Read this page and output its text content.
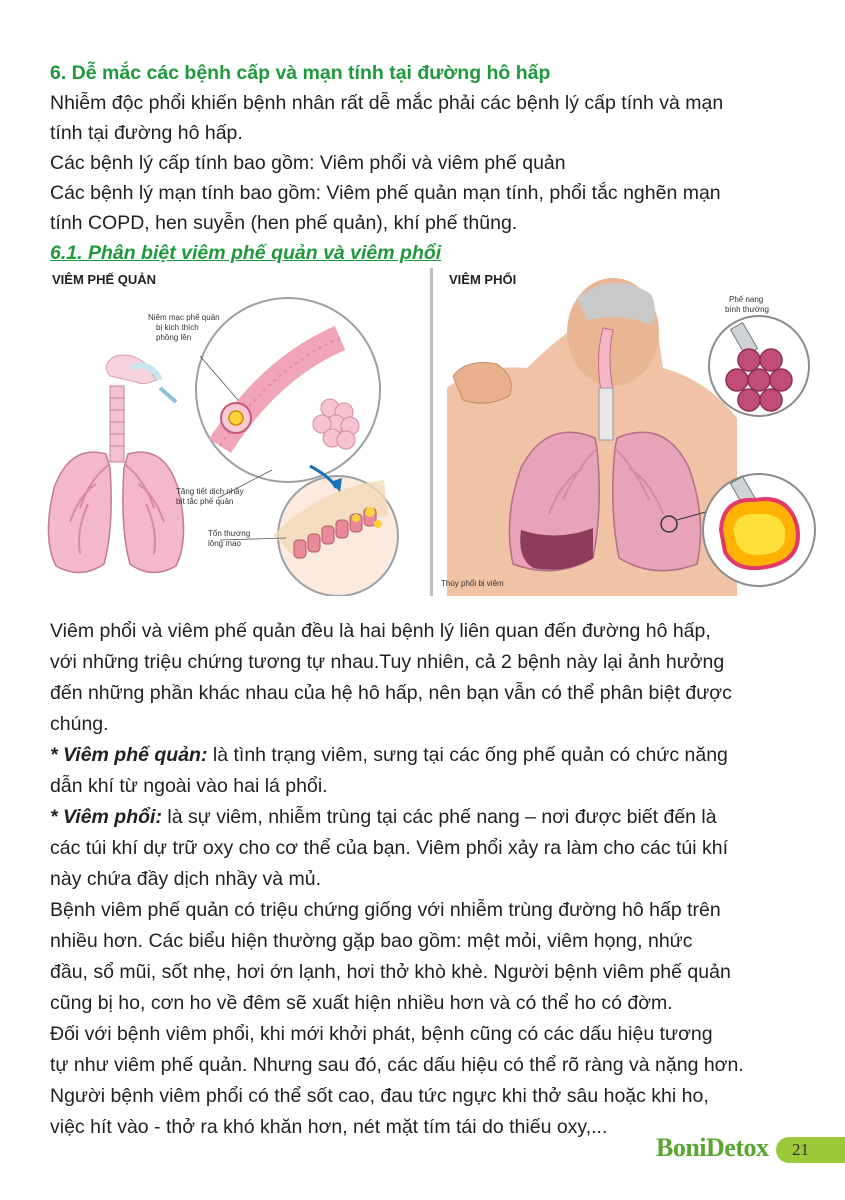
6. Dễ mắc các bệnh cấp và mạn tính tại đường hô hấp

Nhiễm độc phổi khiến bệnh nhân rất dễ mắc phải các bệnh lý cấp tính và mạn

tính tại đường hô hấp.

Các bệnh lý cấp tính bao gồm: Viêm phổi và viêm phế quản

Các bệnh lý mạn tính bao gồm: Viêm phế quản mạn tính, phổi tắc nghẽn mạn

tính COPD, hen suyễn (hen phế quản), khí phế thũng.

6.1. Phân biệt viêm phế quản và viêm phổi

Niêm mạc phế quản
bị kích thích
phồng lên
Tăng tiết dịch nhầy
bít tắc phế quản
Tổn thương
lông mao
VIÊM PHẾ QUẢN
Phế nang
bình thường
Thùy phổi bị viêm
VIÊM PHỔI

Viêm phổi và viêm phế quản đều là hai bệnh lý liên quan đến đường hô hấp,

với những triệu chứng tương tự nhau.Tuy nhiên, cả 2 bệnh này lại ảnh hưởng

đến những phần khác nhau của hệ hô hấp, nên bạn vẫn có thể phân biệt được

chúng.

* Viêm phế quản: là tình trạng viêm, sưng tại các ống phế quản có chức năng

dẫn khí từ ngoài vào hai lá phổi.

* Viêm phổi: là sự viêm, nhiễm trùng tại các phế nang – nơi được biết đến là

các túi khí dự trữ oxy cho cơ thể của bạn. Viêm phổi xảy ra làm cho các túi khí

này chứa đầy dịch nhầy và mủ.

Bệnh viêm phế quản có triệu chứng giống với nhiễm trùng đường hô hấp trên

nhiều hơn. Các biểu hiện thường gặp bao gồm: mệt mỏi, viêm họng, nhức

đầu, sổ mũi, sốt nhẹ, hơi ớn lạnh, hơi thở khò khè. Người bệnh viêm phế quản

cũng bị ho, cơn ho về đêm sẽ xuất hiện nhiều hơn và có thể ho có đờm.

Đối với bệnh viêm phổi, khi mới khởi phát, bệnh cũng có các dấu hiệu tương

tự như viêm phế quản. Nhưng sau đó, các dấu hiệu có thể rõ ràng và nặng hơn.

Người bệnh viêm phổi có thể sốt cao, đau tức ngực khi thở sâu hoặc khi ho,

việc hít vào - thở ra khó khăn hơn, nét mặt tím tái do thiếu oxy,...

BoniDetox 21
